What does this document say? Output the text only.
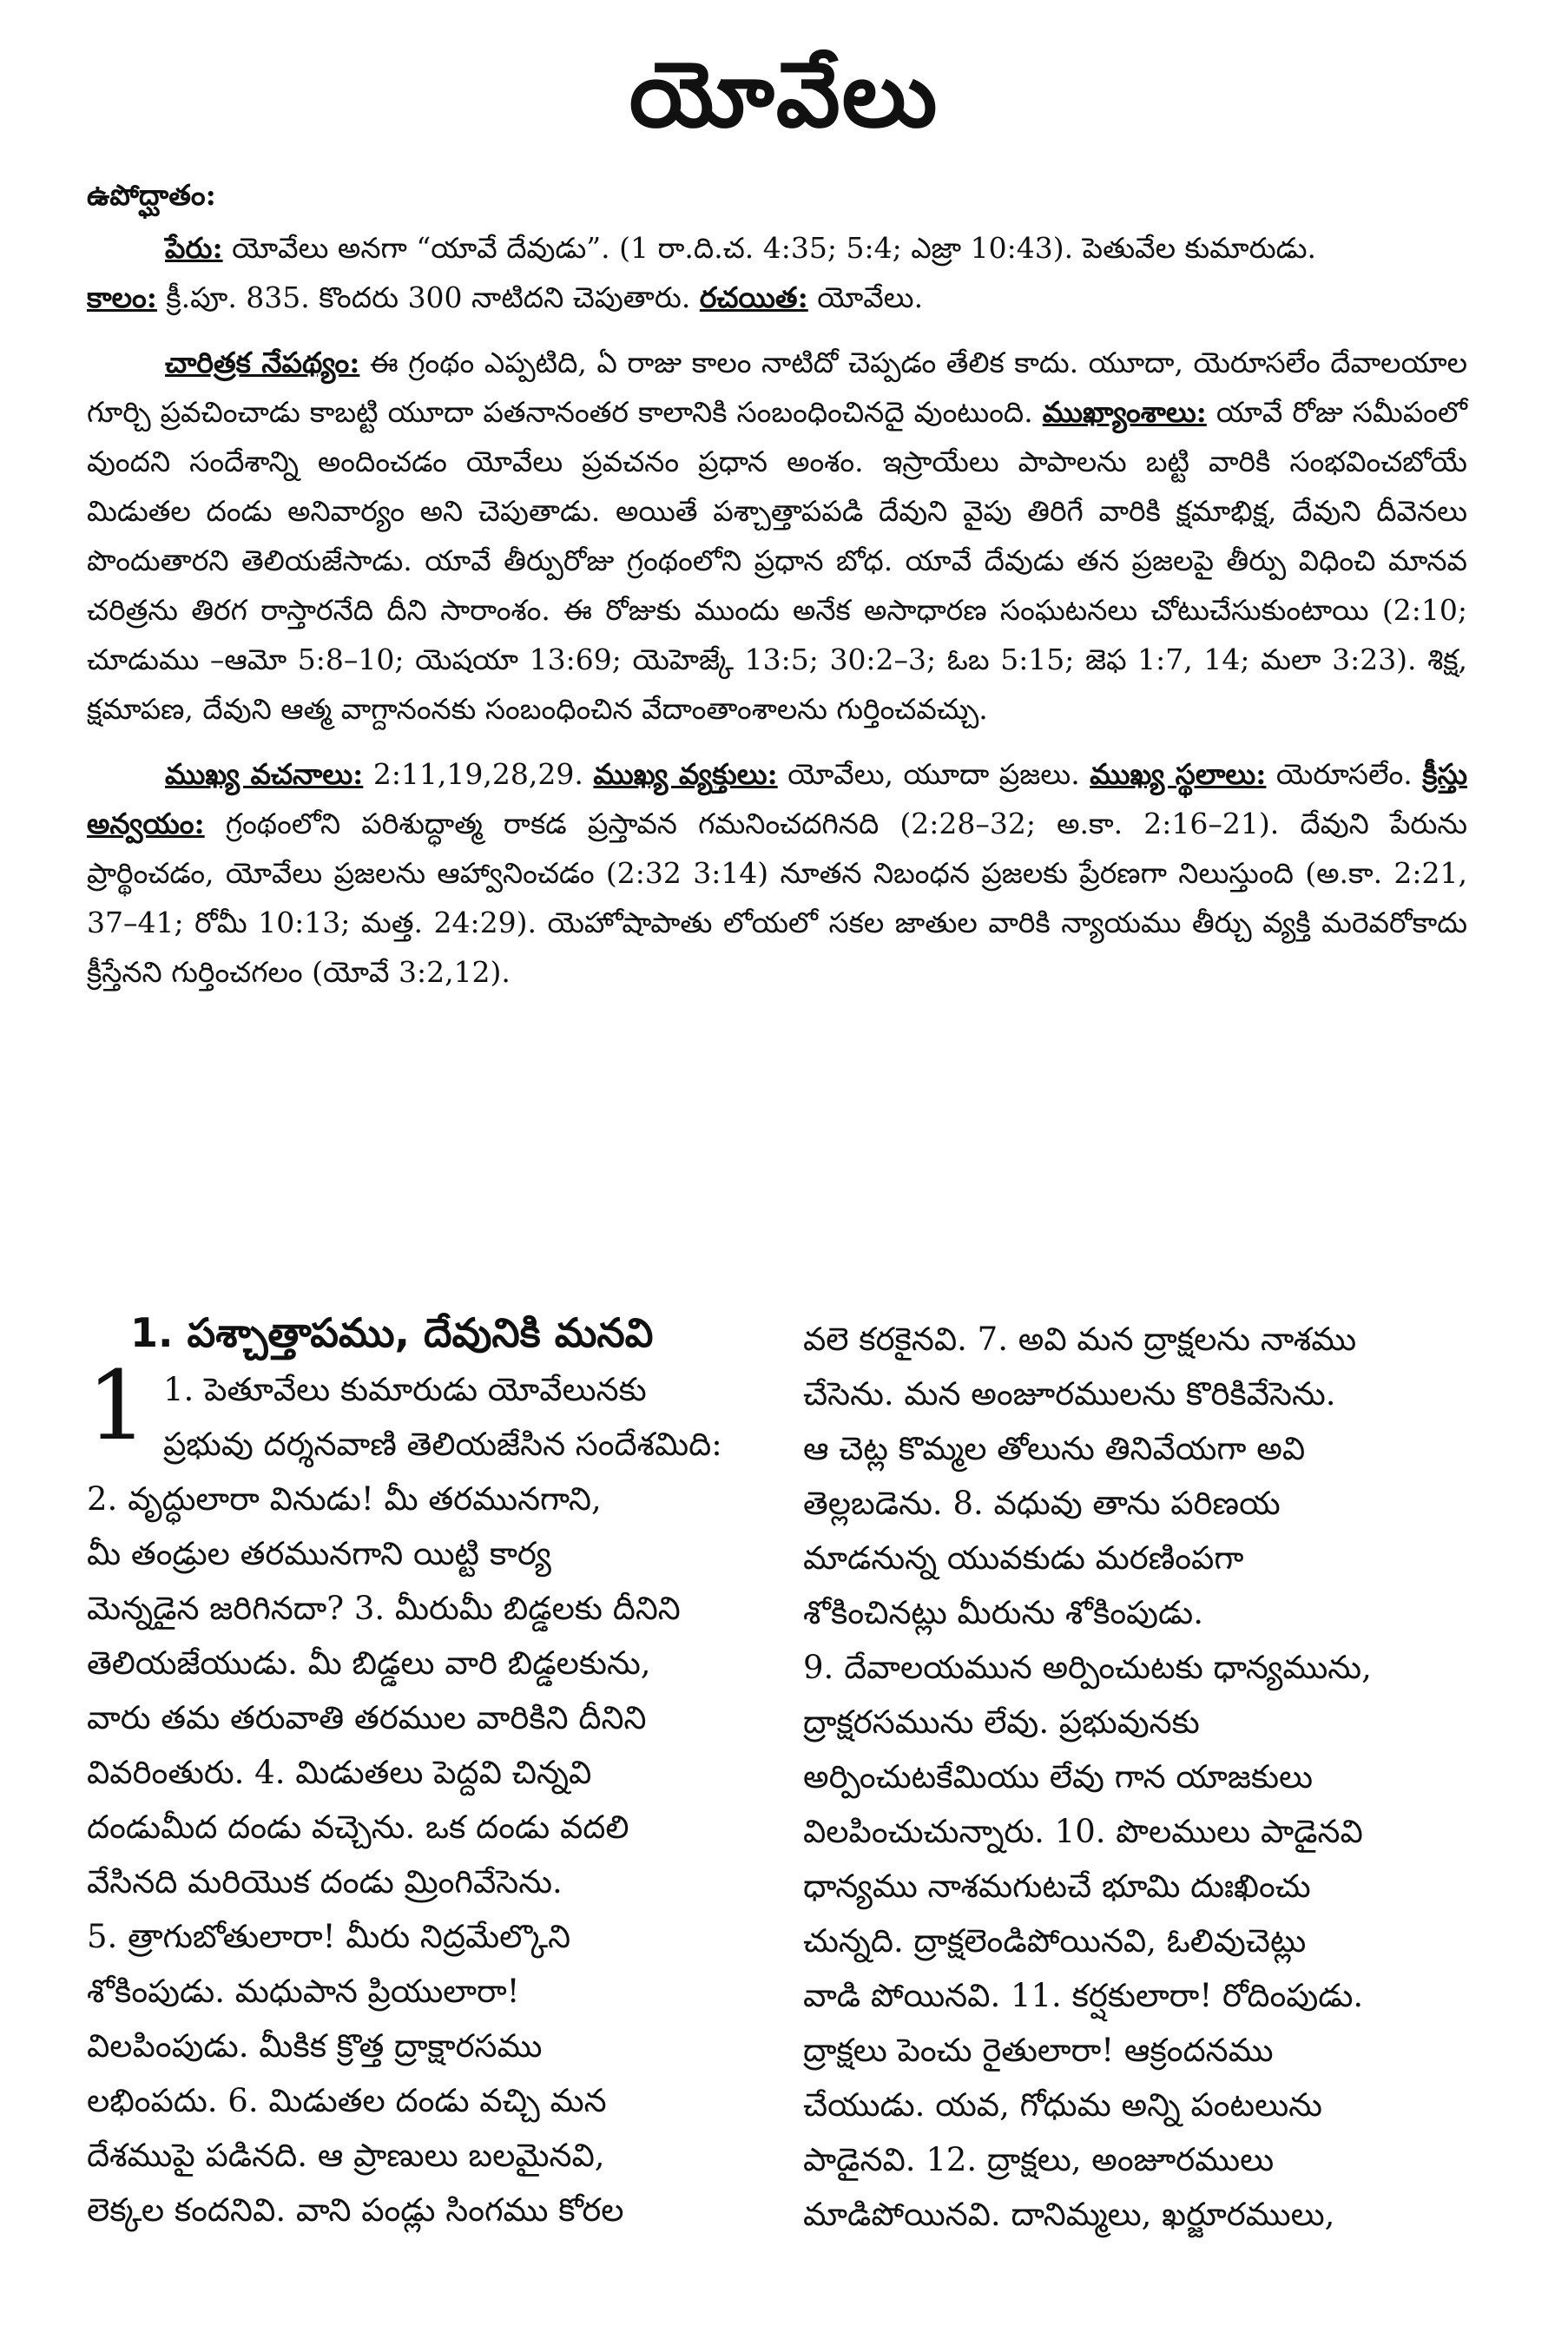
యోవేలు
ఉపోద్ఘాతం:

పేరు: యోవేలు అనగా “యావే దేవుడు”. (1 రా.ది.చ. 4:35; 5:4; ఎజ్రా 10:43). పెతువేల కుమారుడు.
కాలం: క్రీ.పూ. 835. కొందరు 300 నాటిదని చెపుతారు. రచయిత: యోవేలు.

చారిత్రక నేపథ్యం: ఈ గ్రంథం ఎప్పటిది, ఏ రాజు కాలం నాటిదో చెప్పడం తేలిక కాదు. యూదా, యెరూసలేం దేవాలయాల గూర్చి ప్రవచించాడు కాబట్టి యూదా పతనానంతర కాలానికి సంబంధించినదై వుంటుంది. ముఖ్యాంశాలు: యావే రోజు సమీపంలో వుందని సందేశాన్ని అందించడం యోవేలు ప్రవచనం ప్రధాన అంశం. ఇస్రాయేలు పాపాలను బట్టి వారికి సంభవించబోయే మిడుతల దండు అనివార్యం అని చెపుతాడు. అయితే పశ్చాత్తాపపడి దేవుని వైపు తిరిగే వారికి క్షమాభిక్ష, దేవుని దీవెనలు పొందుతారని తెలియజేసాడు. యావే తీర్పురోజు గ్రంథంలోని ప్రధాన బోధ. యావే దేవుడు తన ప్రజలపై తీర్పు విధించి మానవ చరిత్రను తిరగ రాస్తారనేది దీని సారాంశం. ఈ రోజుకు ముందు అనేక అసాధారణ సంఘటనలు చోటుచేసుకుంటాయి (2:10; చూడుము –ఆమో 5:8–10; యెషయా 13:69; యెహెజ్కే 13:5; 30:2–3; ఓబ 5:15; జెఫ 1:7, 14; మలా 3:23). శిక్ష, క్షమాపణ, దేవుని ఆత్మ వాగ్దానంనకు సంబంధించిన వేదాంతాంశాలను గుర్తించవచ్చు.

ముఖ్య వచనాలు: 2:11,19,28,29. ముఖ్య వ్యక్తులు: యోవేలు, యూదా ప్రజలు. ముఖ్య స్థలాలు: యెరూసలేం. క్రీస్తు అన్వయం: గ్రంథంలోని పరిశుద్ధాత్మ రాకడ ప్రస్తావన గమనించదగినది (2:28–32; అ.కా. 2:16–21). దేవుని పేరును ప్రార్థించడం, యోవేలు ప్రజలను ఆహ్వానించడం (2:32 3:14) నూతన నిబంధన ప్రజలకు ప్రేరణగా నిలుస్తుంది (అ.కా. 2:21, 37–41; రోమీ 10:13; మత్త. 24:29). యెహోషాపాతు లోయలో సకల జాతుల వారికి న్యాయము తీర్చు వ్యక్తి మరెవరోకాదు క్రీస్తేనని గుర్తించగలం (యోవే 3:2,12).

1. పశ్చాత్తాపము, దేవునికి మనవి
1 1. పెతూవేలు కుమారుడు యోవేలునకు
ప్రభువు దర్శనవాణి తెలియజేసిన సందేశమిది:
2. వృద్ధులారా వినుడు! మీ తరమునగాని,
మీ తండ్రుల తరమునగాని యిట్టి కార్య
మెన్నడైన జరిగినదా? 3. మీరుమీ బిడ్డలకు దీనిని
తెలియజేయుడు. మీ బిడ్డలు వారి బిడ్డలకును,
వారు తమ తరువాతి తరముల వారికిని దీనిని
వివరింతురు. 4. మిడుతలు పెద్దవి చిన్నవి
దండుమీద దండు వచ్చెను. ఒక దండు వదలి
వేసినది మరియొక దండు మ్రింగివేసెను.
5. త్రాగుబోతులారా! మీరు నిద్రమేల్కొని
శోకింపుడు. మధుపాన ప్రియులారా!
విలపింపుడు. మీకిక క్రొత్త ద్రాక్షారసము
లభింపదు. 6. మిడుతల దండు వచ్చి మన
దేశముపై పడినది. ఆ ప్రాణులు బలమైనవి,
లెక్కల కందనివి. వాని పండ్లు సింగము కోరల
వలె కరకైనవి. 7. అవి మన ద్రాక్షలను నాశము
చేసెను. మన అంజూరములను కొరికివేసెను.
ఆ చెట్ల కొమ్మల తోలును తినివేయగా అవి
తెల్లబడెను. 8. వధువు తాను పరిణయ
మాడనున్న యువకుడు మరణింపగా
శోకించినట్లు మీరును శోకింపుడు.
9. దేవాలయమున అర్పించుటకు ధాన్యమును,
ద్రాక్షరసమును లేవు. ప్రభువునకు
అర్పించుటకేమియు లేవు గాన యాజకులు
విలపించుచున్నారు. 10. పొలములు పాడైనవి
ధాన్యము నాశమగుటచే భూమి దుఃఖించు
చున్నది. ద్రాక్షలెండిపోయినవి, ఓలివుచెట్లు
వాడి పోయినవి. 11. కర్షకులారా! రోదింపుడు.
ద్రాక్షలు పెంచు రైతులారా! ఆక్రందనము
చేయుడు. యవ, గోధుమ అన్ని పంటలును
పాడైనవి. 12. ద్రాక్షలు, అంజూరములు
మాడిపోయినవి. దానిమ్మలు, ఖర్జూరములు,
